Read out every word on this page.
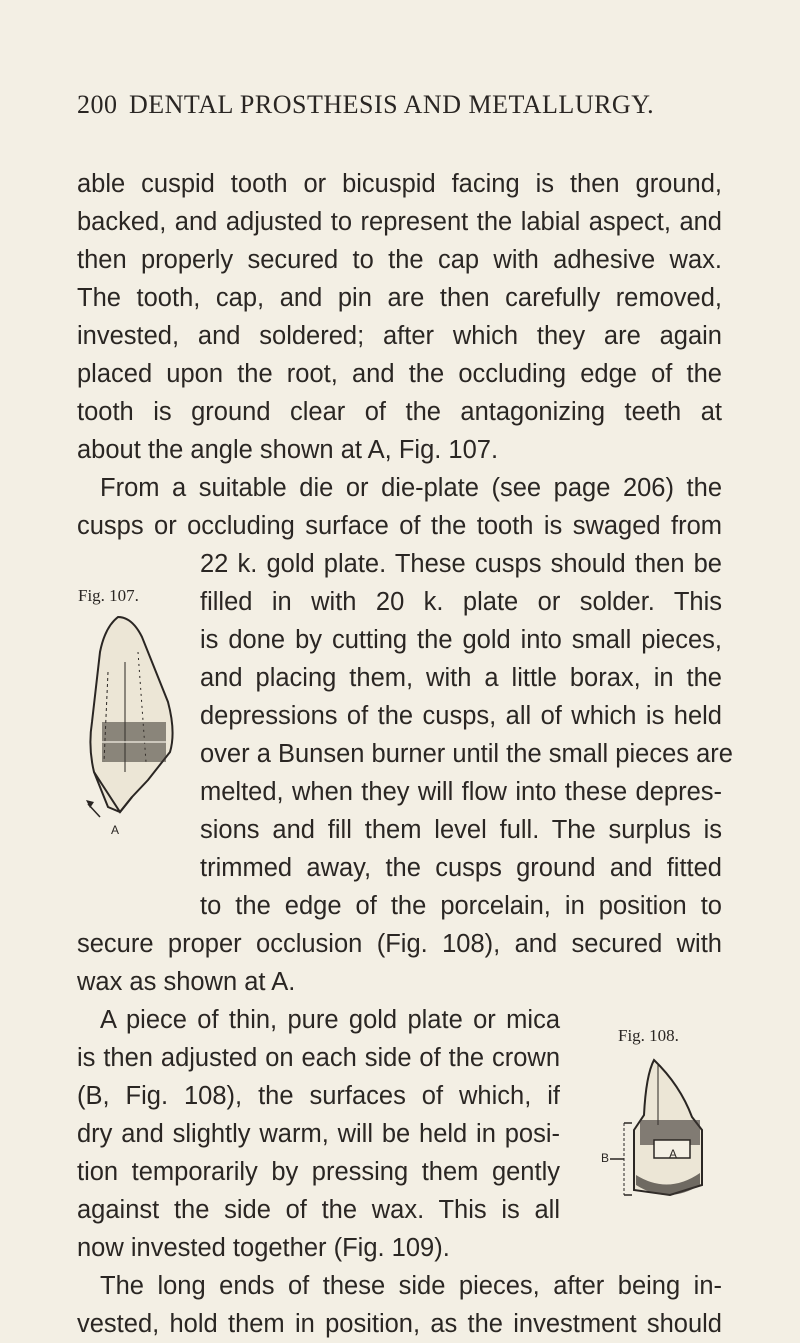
200 DENTAL PROSTHESIS AND METALLURGY.
able cuspid tooth or bicuspid facing is then ground,
backed, and adjusted to represent the labial aspect, and
then properly secured to the cap with adhesive wax.
The tooth, cap, and pin are then carefully removed,
invested, and soldered; after which they are again
placed upon the root, and the occluding edge of the
tooth is ground clear of the antagonizing teeth at
about the angle shown at A, Fig. 107.
From a suitable die or die-plate (see page 206) the
cusps or occluding surface of the tooth is swaged from
22 k. gold plate. These cusps should then be
filled in with 20 k. plate or solder. This
is done by cutting the gold into small pieces,
and placing them, with a little borax, in the
depressions of the cusps, all of which is held
over a Bunsen burner until the small pieces are
melted, when they will flow into these depres-
sions and fill them level full. The surplus is
trimmed away, the cusps ground and fitted
to the edge of the porcelain, in position to
secure proper occlusion (Fig. 108), and secured with
wax as shown at A.
A piece of thin, pure gold plate or mica
is then adjusted on each side of the crown
(B, Fig. 108), the surfaces of which, if
dry and slightly warm, will be held in posi-
tion temporarily by pressing them gently
against the side of the wax. This is all
now invested together (Fig. 109).
The long ends of these side pieces, after being in-
vested, hold them in position, as the investment should
Fig. 107.
A
Fig. 108.
A
B
